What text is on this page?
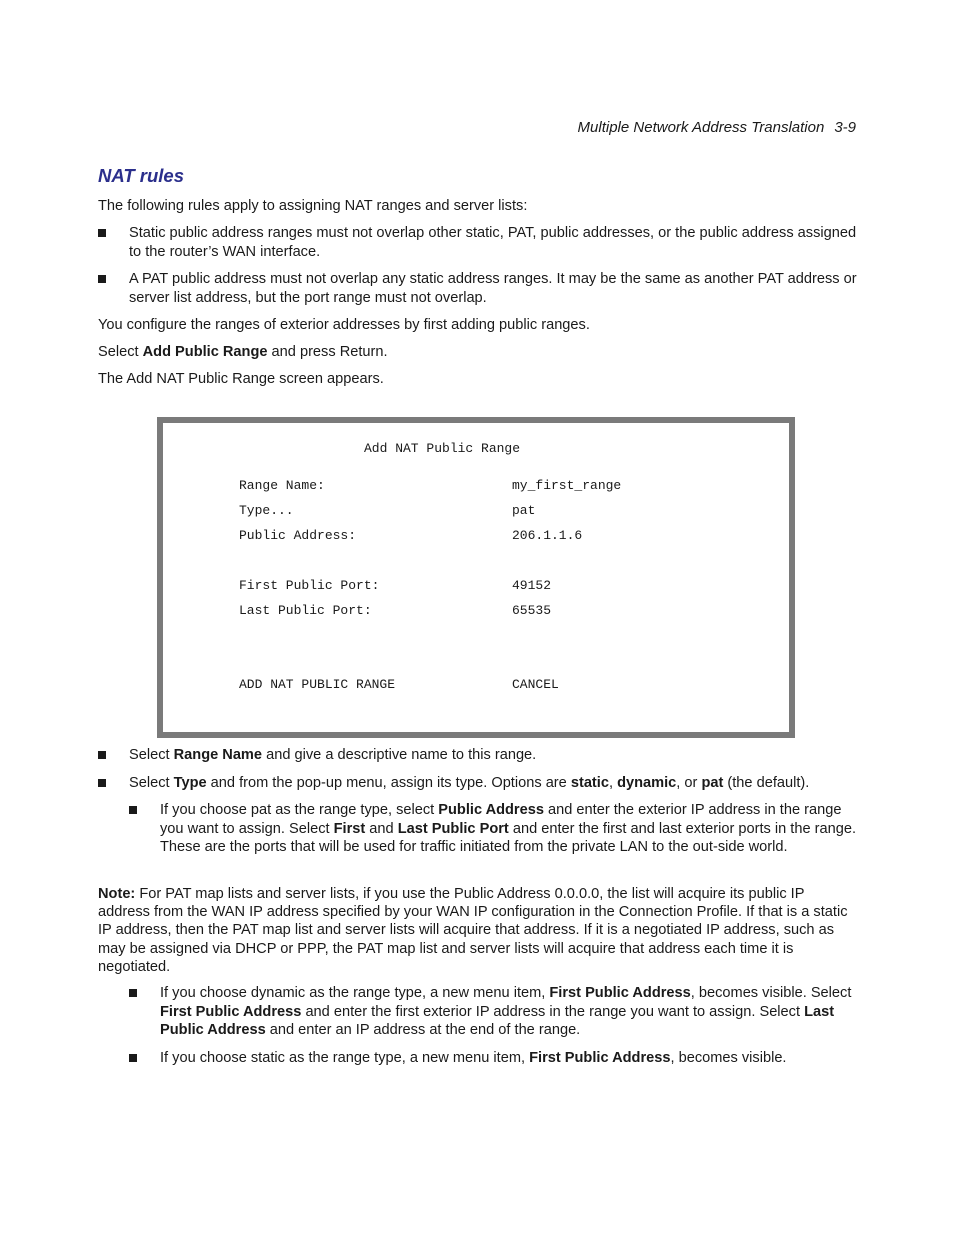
Multiple Network Address Translation 3-9
NAT rules

The following rules apply to assigning NAT ranges and server lists:

Static public address ranges must not overlap other static, PAT, public addresses, or the public address assigned to the router’s WAN interface.
A PAT public address must not overlap any static address ranges. It may be the same as another PAT address or server list address, but the port range must not overlap.

You configure the ranges of exterior addresses by first adding public ranges.

Select Add Public Range and press Return.

The Add NAT Public Range screen appears.

Add NAT Public Range
Range Name:	my_first_range
Type...	pat
Public Address:	206.1.1.6
First Public Port:	49152
Last Public Port:	65535
ADD NAT PUBLIC RANGE	CANCEL
Select Range Name and give a descriptive name to this range.
Select Type and from the pop-up menu, assign its type. Options are static, dynamic, or pat (the default).
If you choose pat as the range type, select Public Address and enter the exterior IP address in the range you want to assign. Select First and Last Public Port and enter the first and last exterior ports in the range. These are the ports that will be used for traffic initiated from the private LAN to the out-side world.

Note: For PAT map lists and server lists, if you use the Public Address 0.0.0.0, the list will acquire its public IP address from the WAN IP address specified by your WAN IP configuration in the Connection Profile. If that is a static IP address, then the PAT map list and server lists will acquire that address. If it is a negotiated IP address, such as may be assigned via DHCP or PPP, the PAT map list and server lists will acquire that address each time it is negotiated.

If you choose dynamic as the range type, a new menu item, First Public Address, becomes visible. Select First Public Address and enter the first exterior IP address in the range you want to assign. Select Last Public Address and enter an IP address at the end of the range.
If you choose static as the range type, a new menu item, First Public Address, becomes visible.
